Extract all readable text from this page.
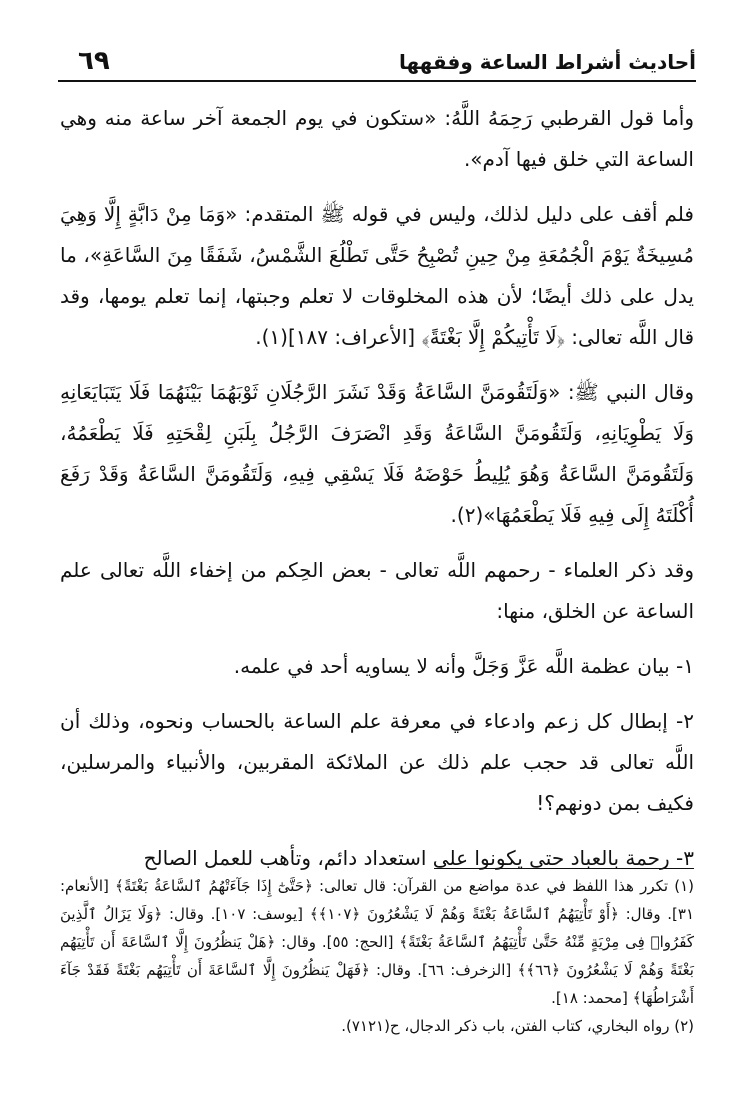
٦٩	أحاديث أشراط الساعة وفقهها

وأما قول القرطبي رَحِمَهُ اللَّهُ: «ستكون في يوم الجمعة آخر ساعة منه وهي الساعة التي خلق فيها آدم».

فلم أقف على دليل لذلك، وليس في قوله ﷺ المتقدم: «وَمَا مِنْ دَابَّةٍ إِلَّا وَهِيَ مُسِيخَةٌ يَوْمَ الْجُمُعَةِ مِنْ حِينِ تُصْبِحُ حَتَّى تَطْلُعَ الشَّمْسُ، شَفَقًا مِنَ السَّاعَةِ»، ما يدل على ذلك أيضًا؛ لأن هذه المخلوقات لا تعلم وجبتها، إنما تعلم يومها، وقد قال اللَّه تعالى: ﴿لَا تَأْتِيكُمْ إِلَّا بَغْتَةً﴾ [الأعراف: ١٨٧](١).

وقال النبي ﷺ: «وَلَتَقُومَنَّ السَّاعَةُ وَقَدْ نَشَرَ الرَّجُلَانِ ثَوْبَهُمَا بَيْنَهُمَا فَلَا يَتَبَايَعَانِهِ وَلَا يَطْوِيَانِهِ، وَلَتَقُومَنَّ السَّاعَةُ وَقَدِ انْصَرَفَ الرَّجُلُ بِلَبَنِ لِقْحَتِهِ فَلَا يَطْعَمُهُ، وَلَتَقُومَنَّ السَّاعَةُ وَهُوَ يُلِيطُ حَوْضَهُ فَلَا يَسْقِي فِيهِ، وَلَتَقُومَنَّ السَّاعَةُ وَقَدْ رَفَعَ أُكْلَتَهُ إِلَى فِيهِ فَلَا يَطْعَمُهَا»(٢).

وقد ذكر العلماء - رحمهم اللَّه تعالى - بعض الحِكم من إخفاء اللَّه تعالى علم الساعة عن الخلق، منها:

١- بيان عظمة اللَّه عَزَّ وَجَلَّ وأنه لا يساويه أحد في علمه.

٢- إبطال كل زعم وادعاء في معرفة علم الساعة بالحساب ونحوه، وذلك أن اللَّه تعالى قد حجب علم ذلك عن الملائكة المقربين، والأنبياء والمرسلين، فكيف بمن دونهم؟!

٣- رحمة بالعباد حتى يكونوا على استعداد دائم، وتأهب للعمل الصالح

(١) تكرر هذا اللفظ في عدة مواضع من القرآن: قال تعالى: ﴿حَتَّىٰٓ إِذَا جَآءَتْهُمُ ٱلسَّاعَةُ بَغْتَةً﴾ [الأنعام: ٣١]. وقال: ﴿أَوْ تَأْتِيَهُمُ ٱلسَّاعَةُ بَغْتَةً وَهُمْ لَا يَشْعُرُونَ ﴿١٠٧﴾﴾ [يوسف: ١٠٧]. وقال: ﴿وَلَا يَزَالُ ٱلَّذِينَ كَفَرُوا۟ فِى مِرْيَةٍ مِّنْهُ حَتَّىٰ تَأْتِيَهُمُ ٱلسَّاعَةُ بَغْتَةً﴾ [الحج: ٥٥]. وقال: ﴿هَلْ يَنظُرُونَ إِلَّا ٱلسَّاعَةَ أَن تَأْتِيَهُم بَغْتَةً وَهُمْ لَا يَشْعُرُونَ ﴿٦٦﴾﴾ [الزخرف: ٦٦]. وقال: ﴿فَهَلْ يَنظُرُونَ إِلَّا ٱلسَّاعَةَ أَن تَأْتِيَهُم بَغْتَةً فَقَدْ جَآءَ أَشْرَاطُهَا﴾ [محمد: ١٨].

(٢) رواه البخاري، كتاب الفتن، باب ذكر الدجال، ح(٧١٢١).
